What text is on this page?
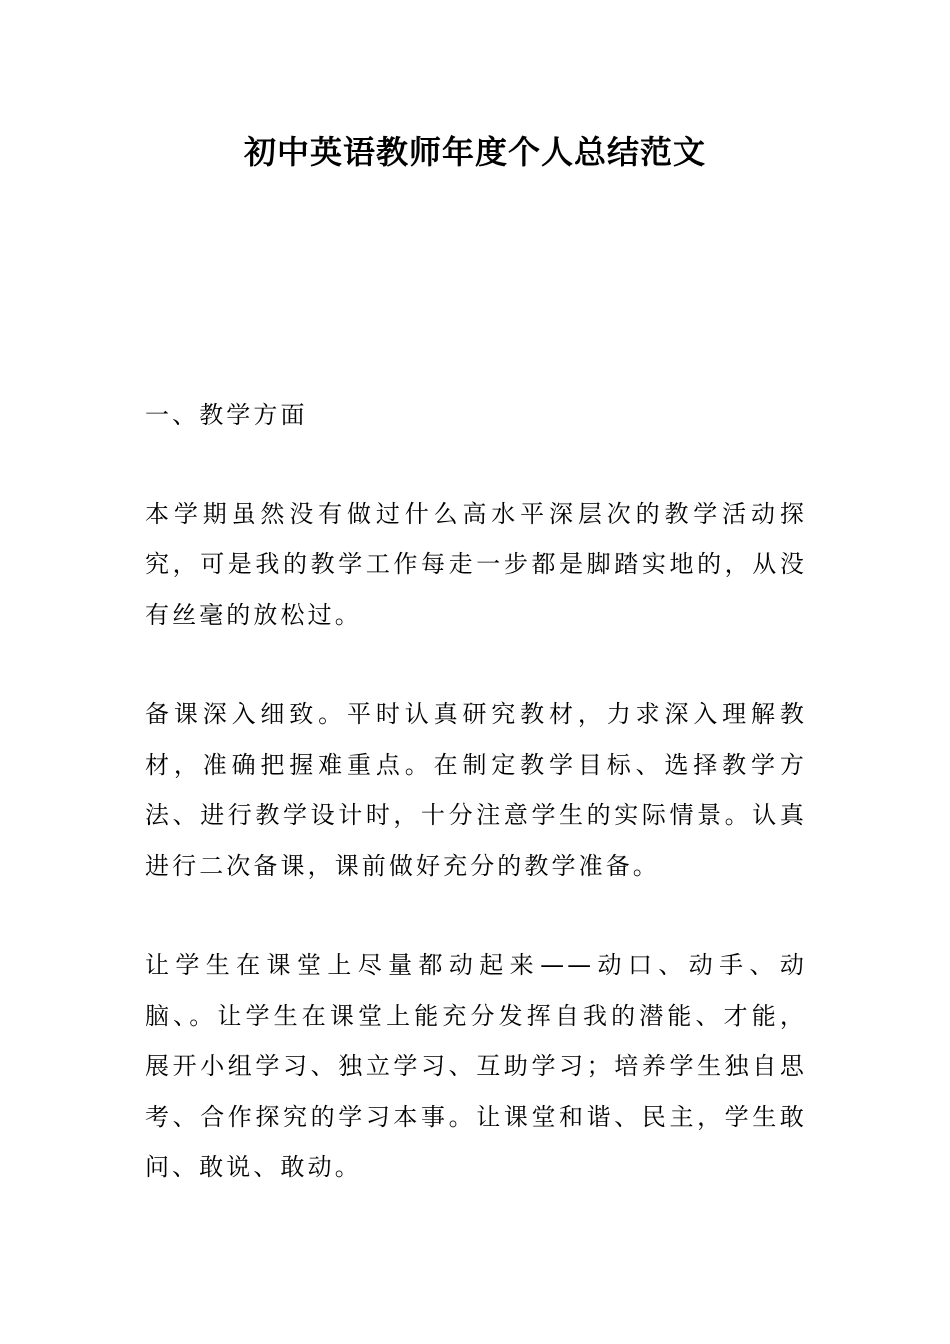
初中英语教师年度个人总结范文

一、教学方面

本学期虽然没有做过什么高水平深层次的教学活动探究，可是我的教学工作每走一步都是脚踏实地的，从没有丝毫的放松过。

备课深入细致。平时认真研究教材，力求深入理解教材，准确把握难重点。在制定教学目标、选择教学方法、进行教学设计时，十分注意学生的实际情景。认真进行二次备课，课前做好充分的教学准备。

让学生在课堂上尽量都动起来——动口、动手、动脑、。让学生在课堂上能充分发挥自我的潜能、才能，展开小组学习、独立学习、互助学习；培养学生独自思考、合作探究的学习本事。让课堂和谐、民主，学生敢问、敢说、敢动。
